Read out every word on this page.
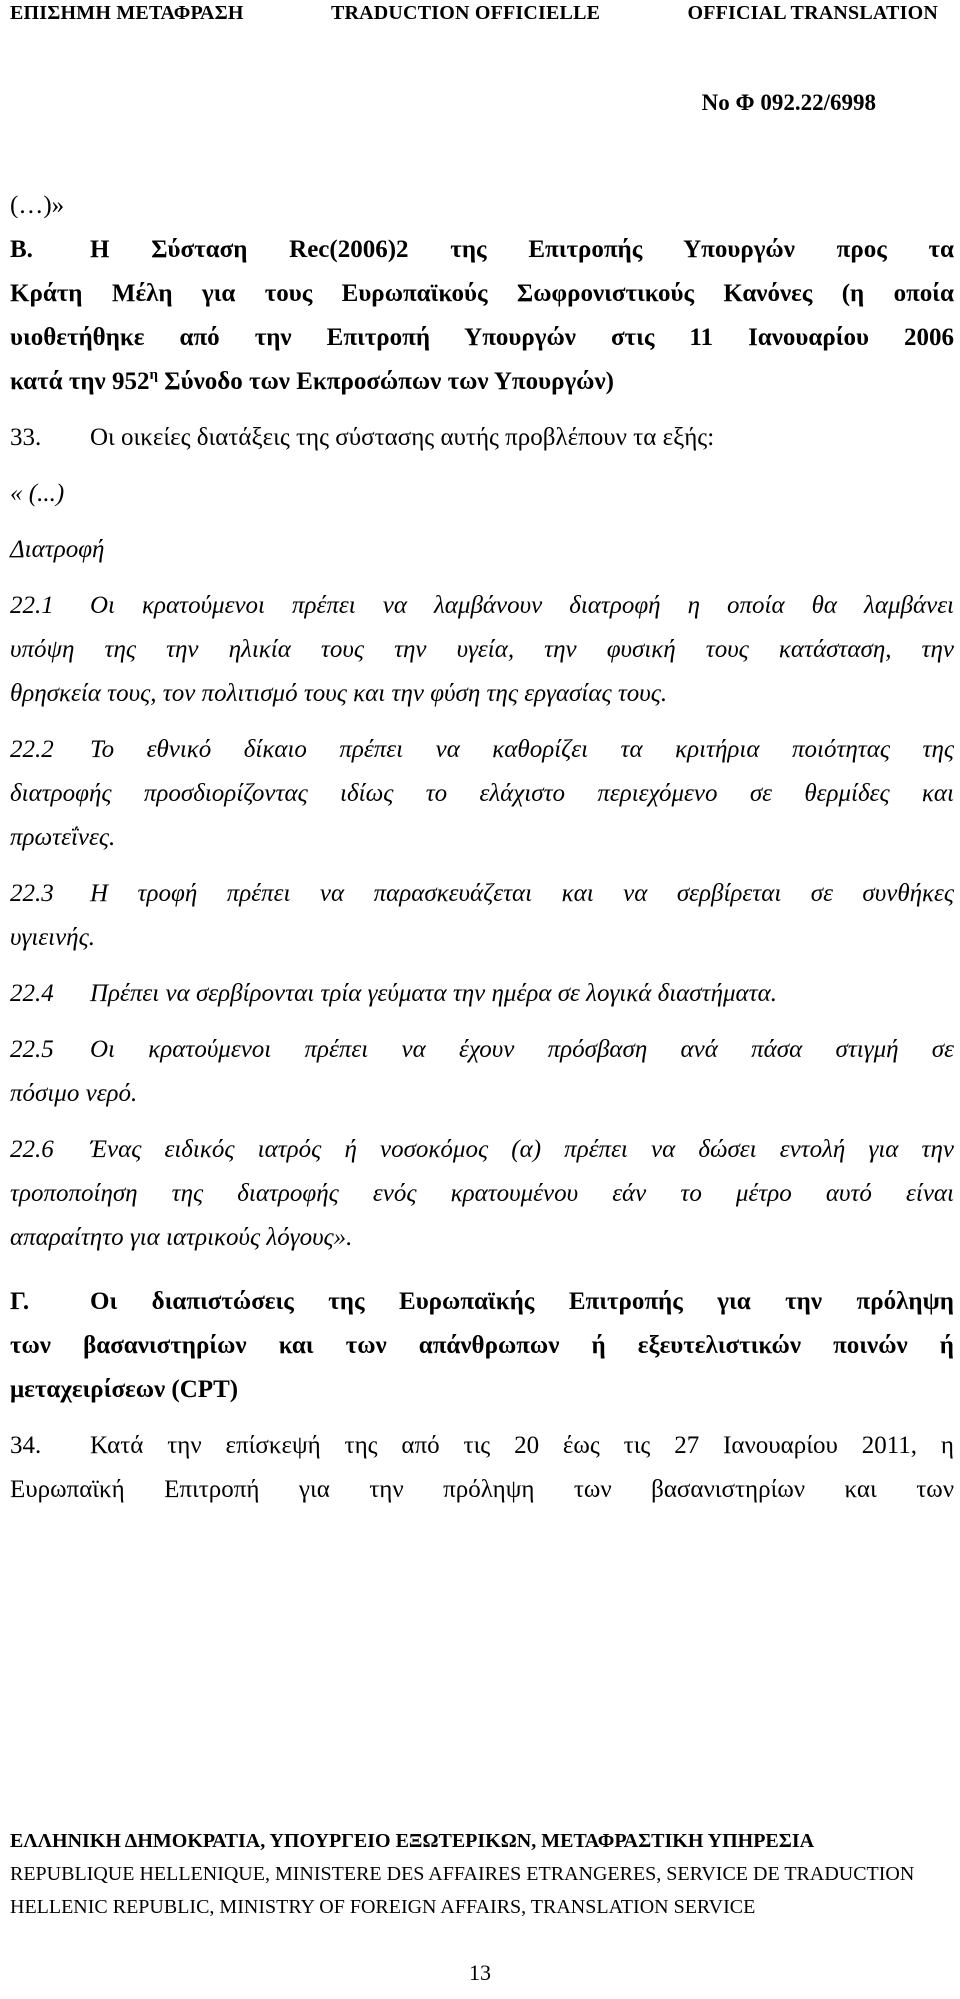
ΕΠΙΣΗΜΗ ΜΕΤΑΦΡΑΣΗ	TRADUCTION OFFICIELLE	OFFICIAL TRANSLATION
Νο Φ 092.22/6998
(…)»
Β. Η Σύσταση Rec(2006)2 της Επιτροπής Υπουργών προς τα
Κράτη Μέλη για τους Ευρωπαϊκούς Σωφρονιστικούς Κανόνες (η οποία
υιοθετήθηκε από την Επιτροπή Υπουργών στις 11 Ιανουαρίου 2006
κατά την $952^\eta$ Σύνοδο των Εκπροσώπων των Υπουργών)
33. Οι οικείες διατάξεις της σύστασης αυτής προβλέπουν τα εξής:
« (...)
Διατροφή
22.1 Οι κρατούμενοι πρέπει να λαμβάνουν διατροφή η οποία θα λαμβάνει
υπόψη της την ηλικία τους την υγεία, την φυσική τους κατάσταση, την
θρησκεία τους, τον πολιτισμό τους και την φύση της εργασίας τους.
22.2 Το εθνικό δίκαιο πρέπει να καθορίζει τα κριτήρια ποιότητας της
διατροφής προσδιορίζοντας ιδίως το ελάχιστο περιεχόμενο σε θερμίδες και
πρωτεΐνες.
22.3 Η τροφή πρέπει να παρασκευάζεται και να σερβίρεται σε συνθήκες
υγιεινής.
22.4 Πρέπει να σερβίρονται τρία γεύματα την ημέρα σε λογικά διαστήματα.
22.5 Οι κρατούμενοι πρέπει να έχουν πρόσβαση ανά πάσα στιγμή σε
πόσιμο νερό.
22.6 Ένας ειδικός ιατρός ή νοσοκόμος (α) πρέπει να δώσει εντολή για την
τροποποίηση της διατροφής ενός κρατουμένου εάν το μέτρο αυτό είναι
απαραίτητο για ιατρικούς λόγους».
Γ. Οι διαπιστώσεις της Ευρωπαϊκής Επιτροπής για την πρόληψη
των βασανιστηρίων και των απάνθρωπων ή εξευτελιστικών ποινών ή
μεταχειρίσεων (CPT)
34. Κατά την επίσκεψή της από τις 20 έως τις 27 Ιανουαρίου 2011, η
Ευρωπαϊκή Επιτροπή για την πρόληψη των βασανιστηρίων και των
ΕΛΛΗΝΙΚΗ ΔΗΜΟΚΡΑΤΙΑ, ΥΠΟΥΡΓΕΙΟ ΕΞΩΤΕΡΙΚΩΝ, ΜΕΤΑΦΡΑΣΤΙΚΗ ΥΠΗΡΕΣΙΑ
REPUBLIQUE HELLENIQUE, MINISTERE DES AFFAIRES ETRANGERES, SERVICE DE TRADUCTION
HELLENIC REPUBLIC, MINISTRY OF FOREIGN AFFAIRS, TRANSLATION SERVICE
13
